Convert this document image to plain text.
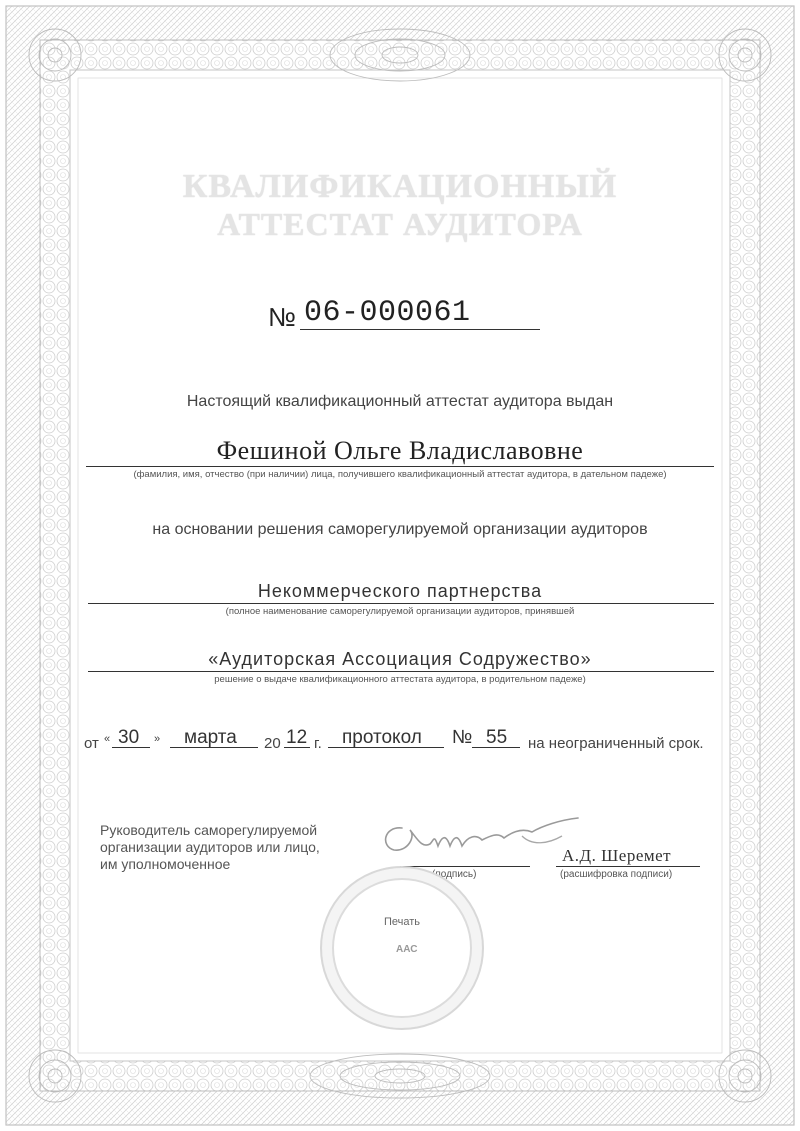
КВАЛИФИКАЦИОННЫЙ
АТТЕСТАТ АУДИТОРА
№ 06-000061
Настоящий квалификационный аттестат аудитора выдан
Фешиной Ольге Владиславовне
(фамилия, имя, отчество (при наличии) лица, получившего квалификационный аттестат аудитора, в дательном падеже)
на основании решения саморегулируемой организации аудиторов
Некоммерческого партнерства
(полное наименование саморегулируемой организации аудиторов, принявшей
«Аудиторская Ассоциация Содружество»
решение о выдаче квалификационного аттестата аудитора, в родительном падеже)
от « 30 » марта 20 12 г. протокол № 55 на неограниченный срок.
Руководитель саморегулируемой
организации аудиторов или лицо,
им уполномоченное
(подпись)
А.Д. Шеремет
(расшифровка подписи)
Печать
ААС
